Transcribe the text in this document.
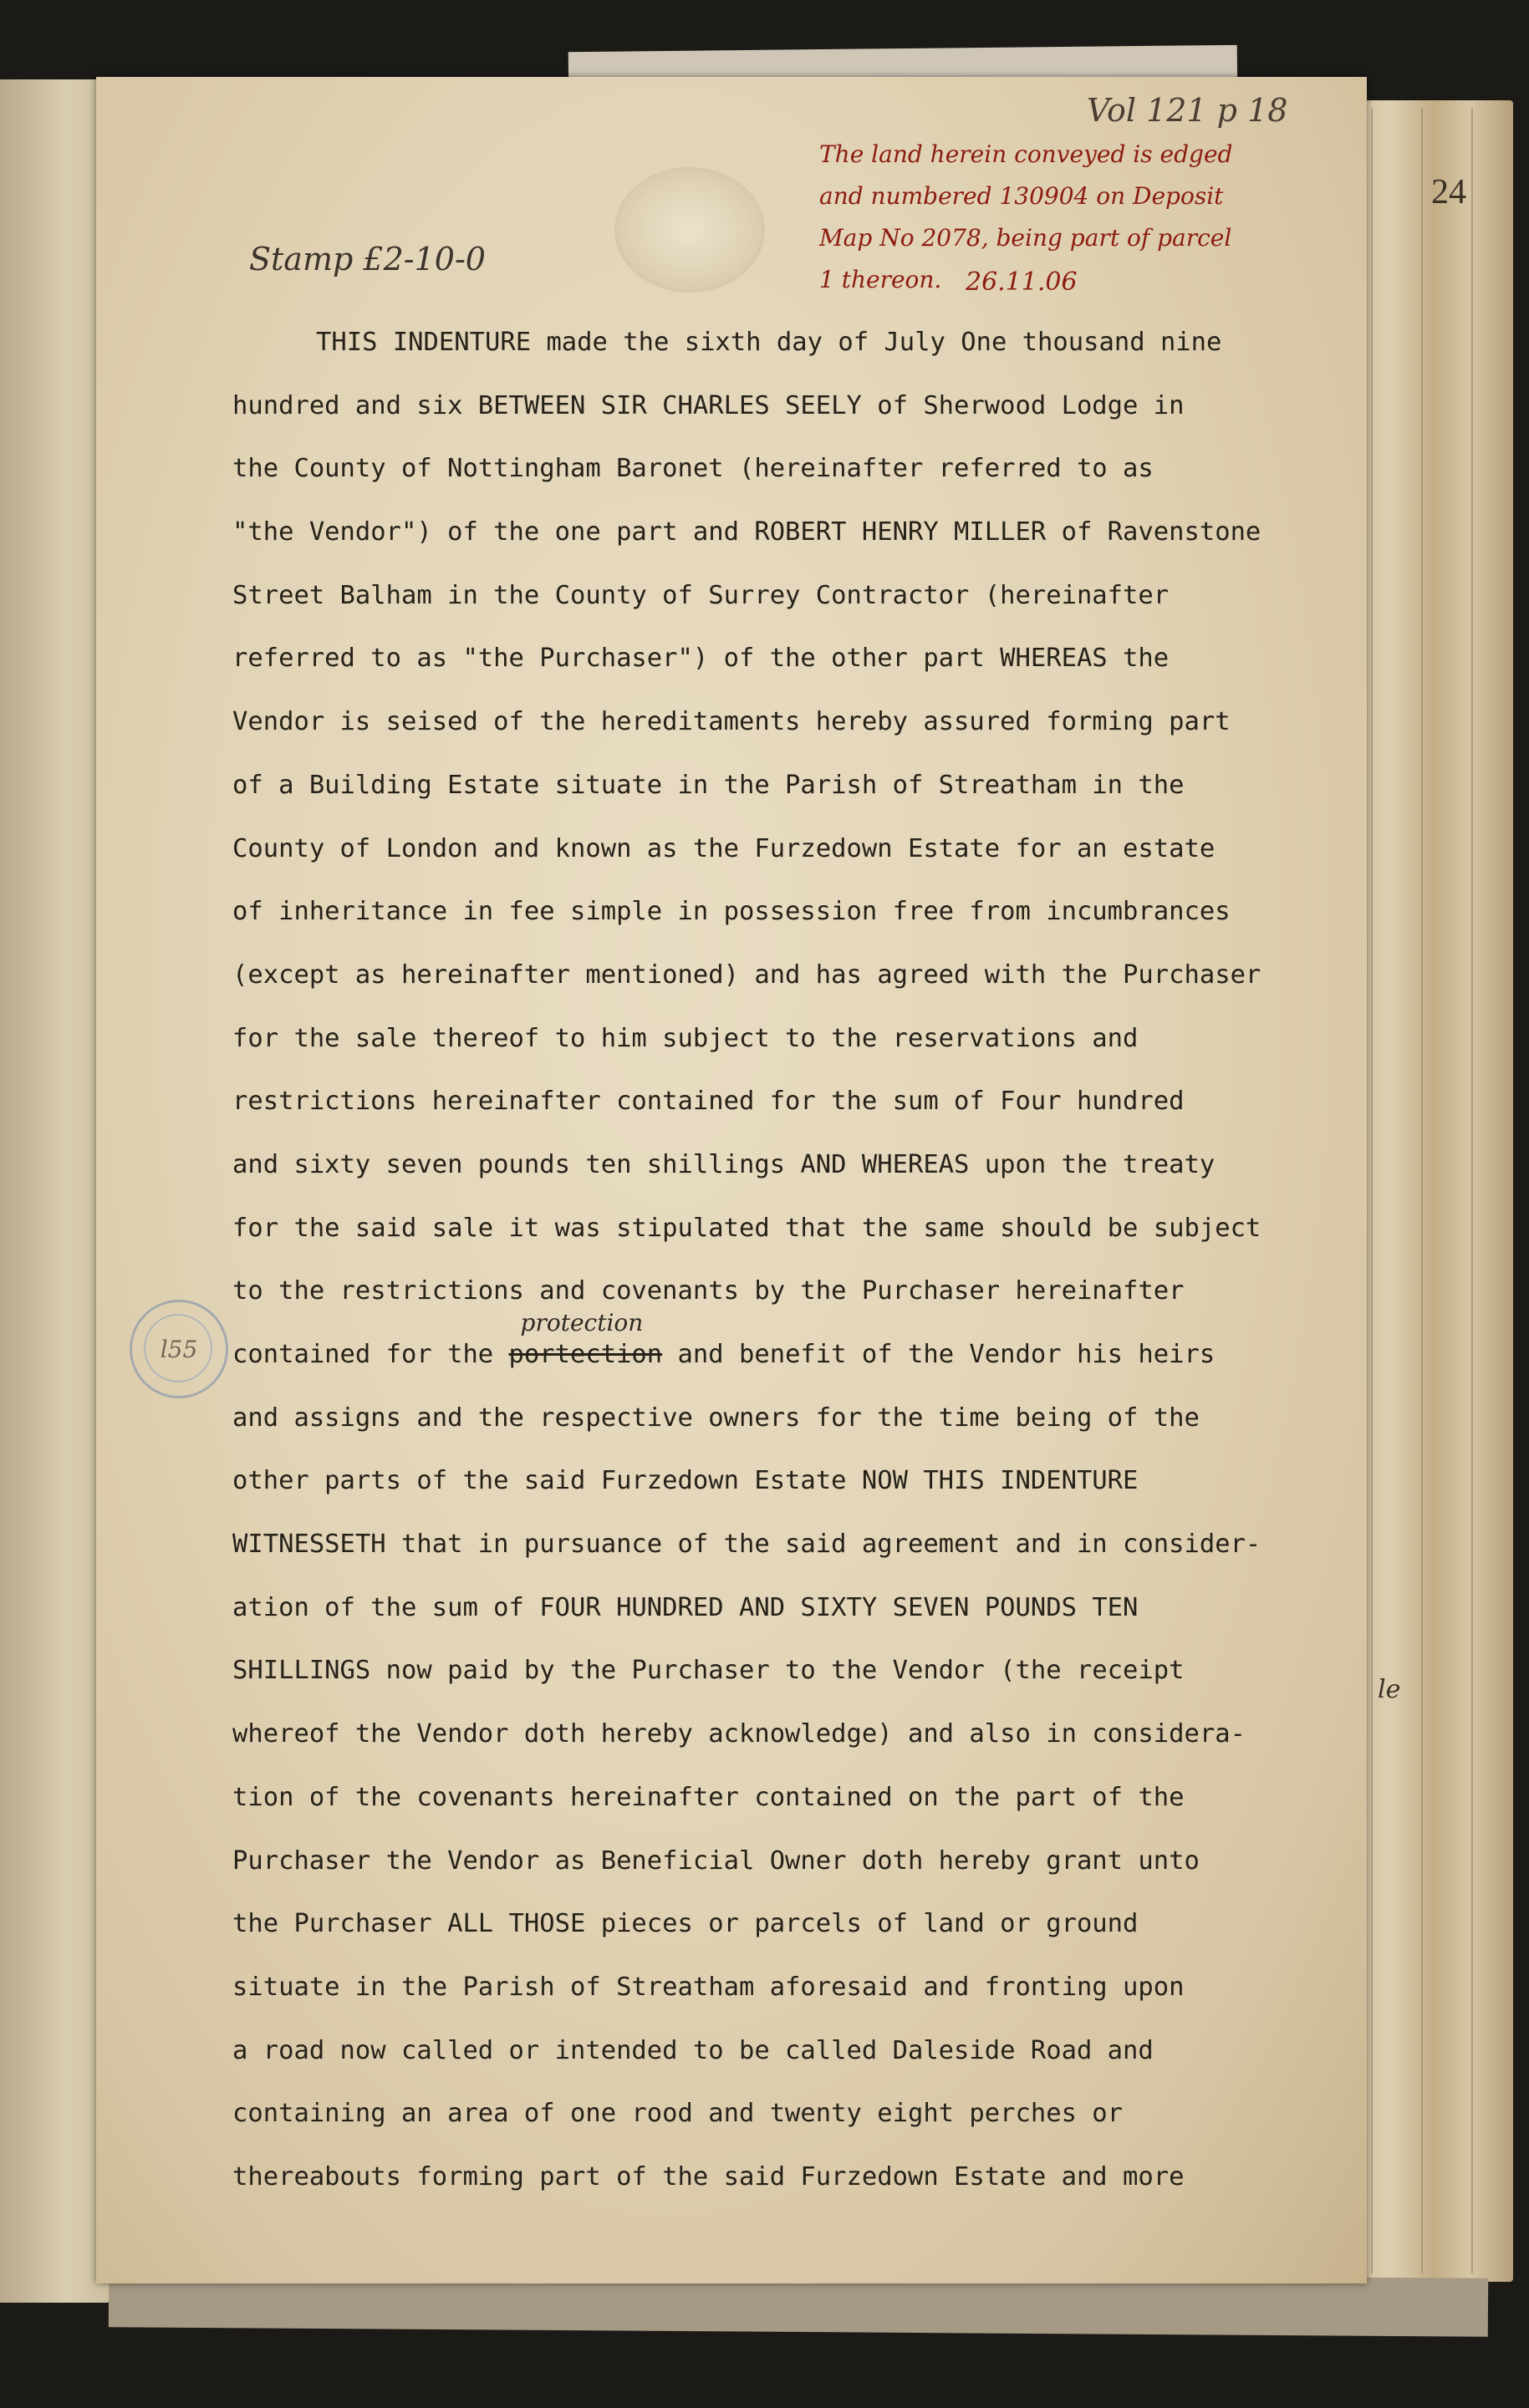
24
le
Vol 121 p 18
The land herein conveyed is edged
and numbered 130904 on Deposit
Map No 2078, being part of parcel
1 thereon. 26.11.06
Stamp £2-10-0
l55
THIS INDENTURE made the sixth day of July One thousand nine
hundred and six BETWEEN SIR CHARLES SEELY of Sherwood Lodge in
the County of Nottingham Baronet (hereinafter referred to as
"the Vendor") of the one part and ROBERT HENRY MILLER of Ravenstone
Street Balham in the County of Surrey Contractor (hereinafter
referred to as "the Purchaser") of the other part WHEREAS the
Vendor is seised of the hereditaments hereby assured forming part
of a Building Estate situate in the Parish of Streatham in the
County of London and known as the Furzedown Estate for an estate
of inheritance in fee simple in possession free from incumbrances
(except as hereinafter mentioned) and has agreed with the Purchaser
for the sale thereof to him subject to the reservations and
restrictions hereinafter contained for the sum of Four hundred
and sixty seven pounds ten shillings AND WHEREAS upon the treaty
for the said sale it was stipulated that the same should be subject
to the restrictions and covenants by the Purchaser hereinafter
contained for the portection
protection
and benefit of the Vendor his heirs
and assigns and the respective owners for the time being of the
other parts of the said Furzedown Estate NOW THIS INDENTURE
WITNESSETH that in pursuance of the said agreement and in consider-
ation of the sum of FOUR HUNDRED AND SIXTY SEVEN POUNDS TEN
SHILLINGS now paid by the Purchaser to the Vendor (the receipt
whereof the Vendor doth hereby acknowledge) and also in considera-
tion of the covenants hereinafter contained on the part of the
Purchaser the Vendor as Beneficial Owner doth hereby grant unto
the Purchaser ALL THOSE pieces or parcels of land or ground
situate in the Parish of Streatham aforesaid and fronting upon
a road now called or intended to be called Daleside Road and
containing an area of one rood and twenty eight perches or
thereabouts forming part of the said Furzedown Estate and more
